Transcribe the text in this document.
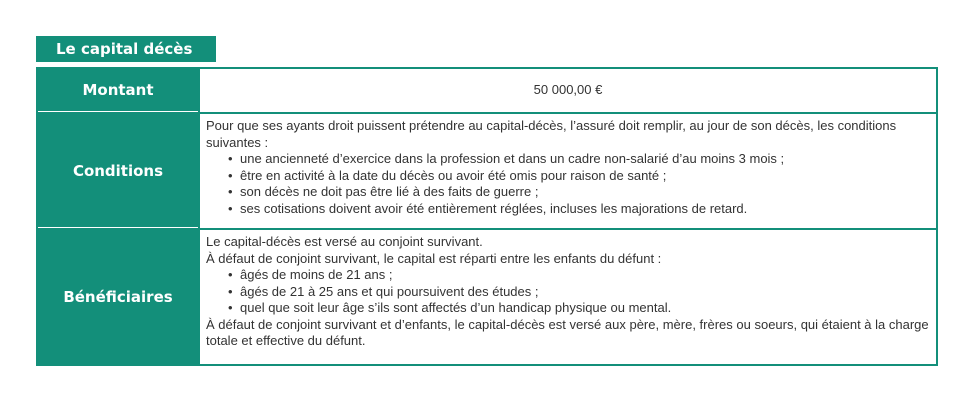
Le capital décès
Montant	50 000,00 €
Conditions

Pour que ses ayants droit puissent prétendre au capital-décès, l’assuré doit remplir, au jour de son décès, les conditions suivantes :

• une ancienneté d’exercice dans la profession et dans un cadre non-salarié d’au moins 3 mois ;
• être en activité à la date du décès ou avoir été omis pour raison de santé ;
• son décès ne doit pas être lié à des faits de guerre ;
• ses cotisations doivent avoir été entièrement réglées, incluses les majorations de retard.
Bénéficiaires

Le capital-décès est versé au conjoint survivant.

À défaut de conjoint survivant, le capital est réparti entre les enfants du défunt :

• âgés de moins de 21 ans ;
• âgés de 21 à 25 ans et qui poursuivent des études ;
• quel que soit leur âge s’ils sont affectés d’un handicap physique ou mental.

À défaut de conjoint survivant et d’enfants, le capital-décès est versé aux père, mère, frères ou soeurs, qui étaient à la charge totale et effective du défunt.
